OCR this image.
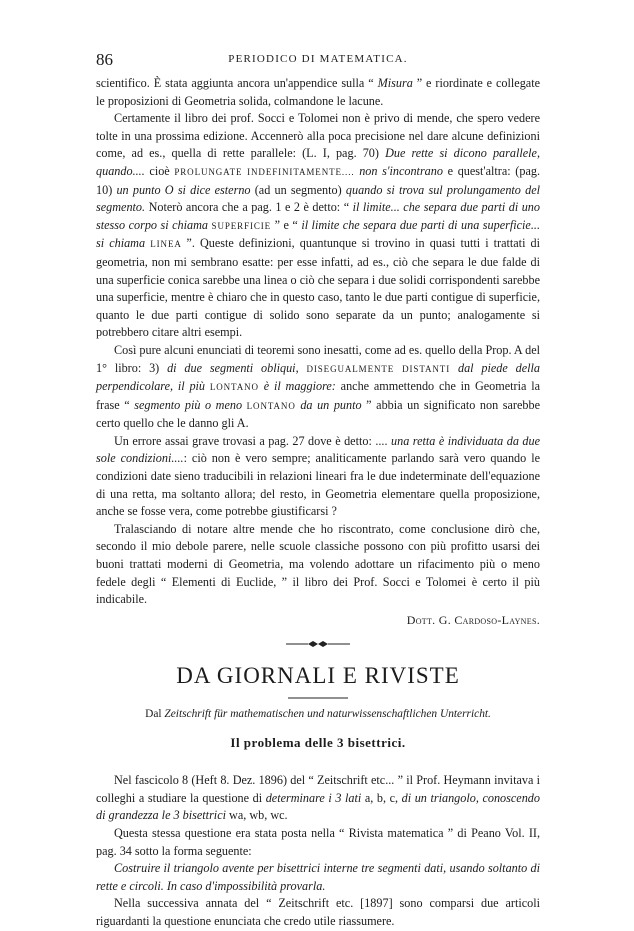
86	PERIODICO DI MATEMATICA.

scientifico. È stata aggiunta ancora un'appendice sulla “ Misura ” e riordinate e collegate le proposizioni di Geometria solida, colmandone le lacune.

Certamente il libro dei prof. Socci e Tolomei non è privo di mende, che spero vedere tolte in una prossima edizione. Accennerò alla poca precisione nel dare alcune definizioni come, ad es., quella di rette parallele: (L. I, pag. 70) Due rette si dicono parallele, quando.... cioè PROLUNGATE INDEFINITAMENTE.... non s'incontrano e quest'altra: (pag. 10) un punto O si dice esterno (ad un segmento) quando si trova sul prolungamento del segmento. Noterò ancora che a pag. 1 e 2 è detto: “ il limite... che separa due parti di uno stesso corpo si chiama SUPERFICIE ” e “ il limite che separa due parti di una superficie... si chiama LINEA ”. Queste definizioni, quantunque si trovino in quasi tutti i trattati di geometria, non mi sembrano esatte: per esse infatti, ad es., ciò che separa le due falde di una superficie conica sarebbe una linea o ciò che separa i due solidi corrispondenti sarebbe una superficie, mentre è chiaro che in questo caso, tanto le due parti contigue di superficie, quanto le due parti contigue di solido sono separate da un punto; analogamente si potrebbero citare altri esempi.

Così pure alcuni enunciati di teoremi sono inesatti, come ad es. quello della Prop. A del 1° libro: 3) di due segmenti obliqui, DISEGUALMENTE DISTANTI dal piede della perpendicolare, il più LONTANO è il maggiore: anche ammettendo che in Geometria la frase “ segmento più o meno LONTANO da un punto ” abbia un significato non sarebbe certo quello che le danno gli A.

Un errore assai grave trovasi a pag. 27 dove è detto: .... una retta è individuata da due sole condizioni....: ciò non è vero sempre; analiticamente parlando sarà vero quando le condizioni date sieno traducibili in relazioni lineari fra le due indeterminate dell'equazione di una retta, ma soltanto allora; del resto, in Geometria elementare quella proposizione, anche se fosse vera, come potrebbe giustificarsi ?

Tralasciando di notare altre mende che ho riscontrato, come conclusione dirò che, secondo il mio debole parere, nelle scuole classiche possono con più profitto usarsi dei buoni trattati moderni di Geometria, ma volendo adottare un rifacimento più o meno fedele degli “ Elementi di Euclide, ” il libro dei Prof. Socci e Tolomei è certo il più indicabile.

Dott. G. Cardoso-Laynes.

DA GIORNALI E RIVISTE

Dal Zeitschrift für mathematischen und naturwissenschaftlichen Unterricht.

Il problema delle 3 bisettrici.

Nel fascicolo 8 (Heft 8. Dez. 1896) del “ Zeitschrift etc... ” il Prof. Heymann invitava i colleghi a studiare la questione di determinare i 3 lati a, b, c, di un triangolo, conoscendo di grandezza le 3 bisettrici wa, wb, wc.

Questa stessa questione era stata posta nella “ Rivista matematica ” di Peano Vol. II, pag. 34 sotto la forma seguente:

Costruire il triangolo avente per bisettrici interne tre segmenti dati, usando soltanto di rette e circoli. In caso d'impossibilità provarla.

Nella successiva annata del “ Zeitschrift etc. [1897] sono comparsi due articoli riguardanti la questione enunciata che credo utile riassumere.
